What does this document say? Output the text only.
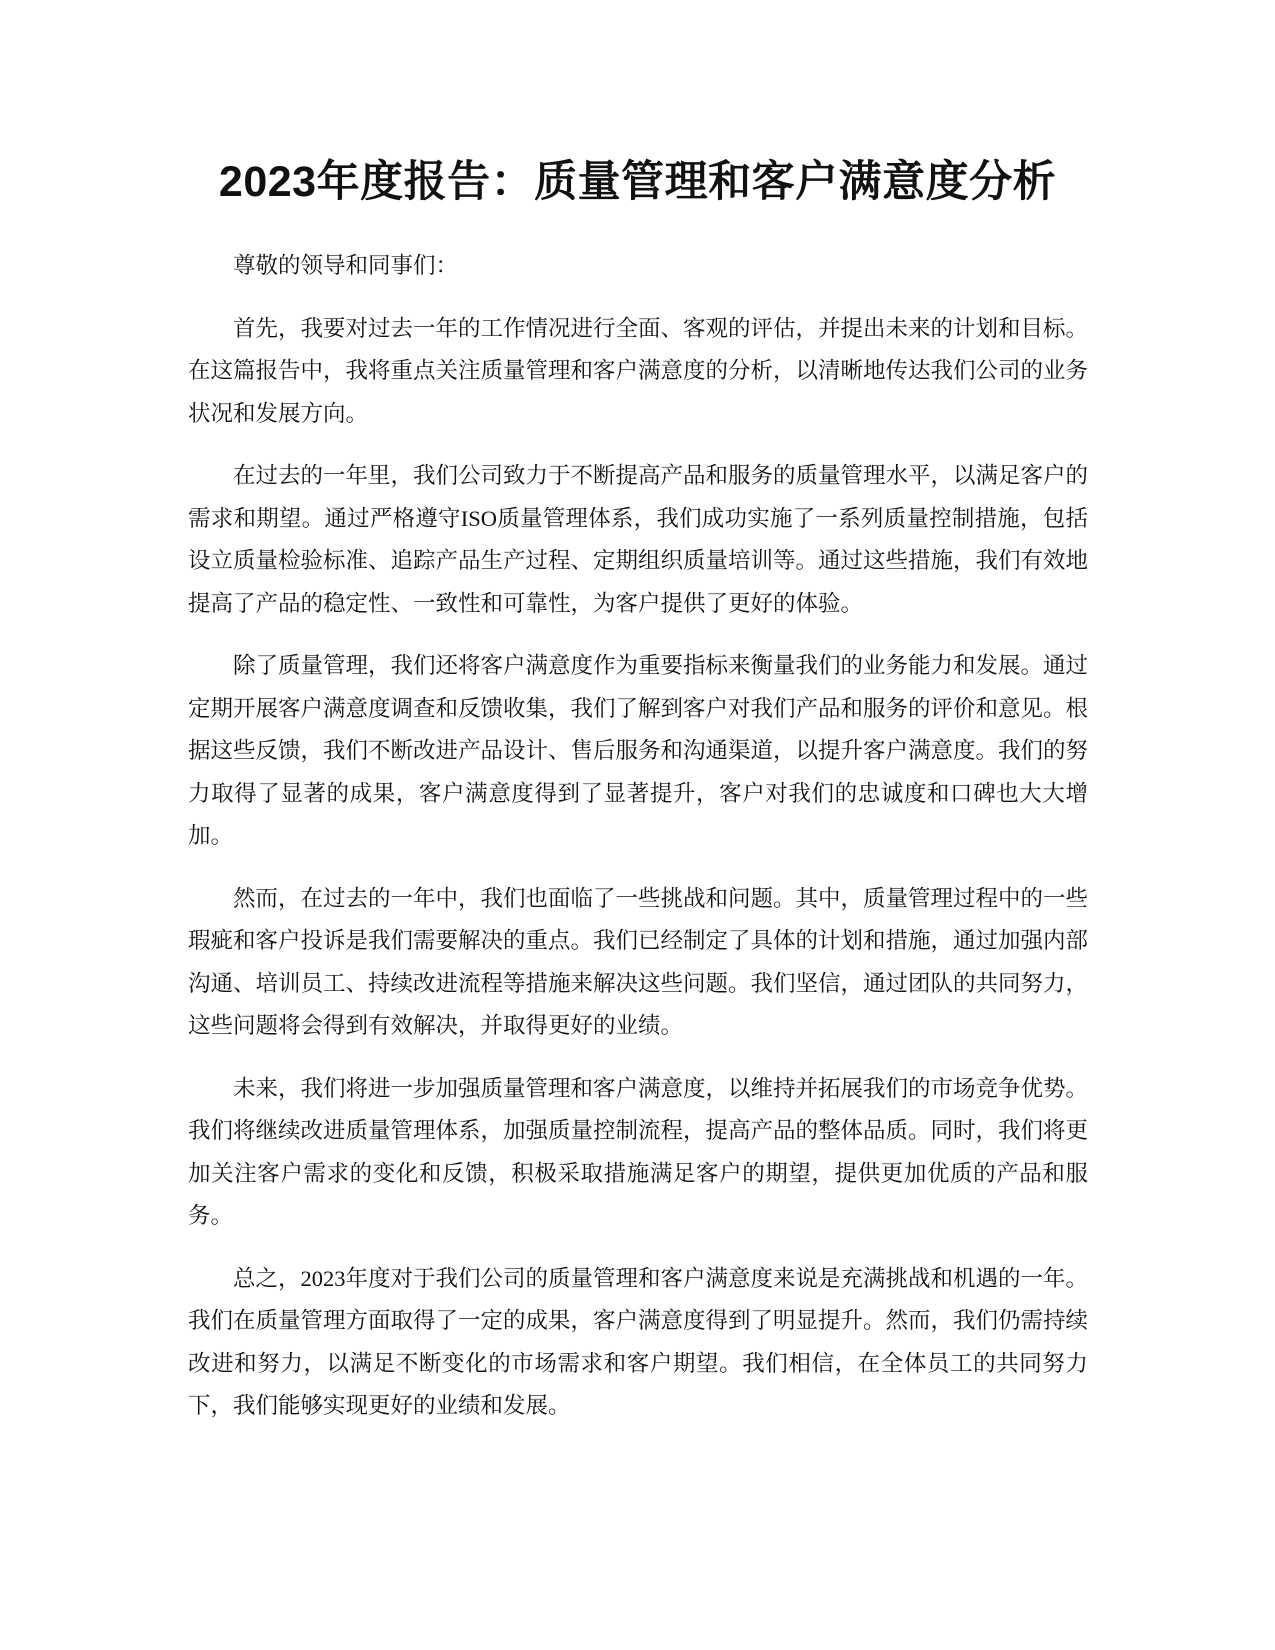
2023年度报告：质量管理和客户满意度分析

尊敬的领导和同事们：

首先，我要对过去一年的工作情况进行全面、客观的评估，并提出未来的计划和目标。在这篇报告中，我将重点关注质量管理和客户满意度的分析，以清晰地传达我们公司的业务状况和发展方向。

在过去的一年里，我们公司致力于不断提高产品和服务的质量管理水平，以满足客户的需求和期望。通过严格遵守ISO质量管理体系，我们成功实施了一系列质量控制措施，包括设立质量检验标准、追踪产品生产过程、定期组织质量培训等。通过这些措施，我们有效地提高了产品的稳定性、一致性和可靠性，为客户提供了更好的体验。

除了质量管理，我们还将客户满意度作为重要指标来衡量我们的业务能力和发展。通过定期开展客户满意度调查和反馈收集，我们了解到客户对我们产品和服务的评价和意见。根据这些反馈，我们不断改进产品设计、售后服务和沟通渠道，以提升客户满意度。我们的努力取得了显著的成果，客户满意度得到了显著提升，客户对我们的忠诚度和口碑也大大增加。

然而，在过去的一年中，我们也面临了一些挑战和问题。其中，质量管理过程中的一些瑕疵和客户投诉是我们需要解决的重点。我们已经制定了具体的计划和措施，通过加强内部沟通、培训员工、持续改进流程等措施来解决这些问题。我们坚信，通过团队的共同努力，这些问题将会得到有效解决，并取得更好的业绩。

未来，我们将进一步加强质量管理和客户满意度，以维持并拓展我们的市场竞争优势。我们将继续改进质量管理体系，加强质量控制流程，提高产品的整体品质。同时，我们将更加关注客户需求的变化和反馈，积极采取措施满足客户的期望，提供更加优质的产品和服务。

总之，2023年度对于我们公司的质量管理和客户满意度来说是充满挑战和机遇的一年。我们在质量管理方面取得了一定的成果，客户满意度得到了明显提升。然而，我们仍需持续改进和努力，以满足不断变化的市场需求和客户期望。我们相信，在全体员工的共同努力下，我们能够实现更好的业绩和发展。
